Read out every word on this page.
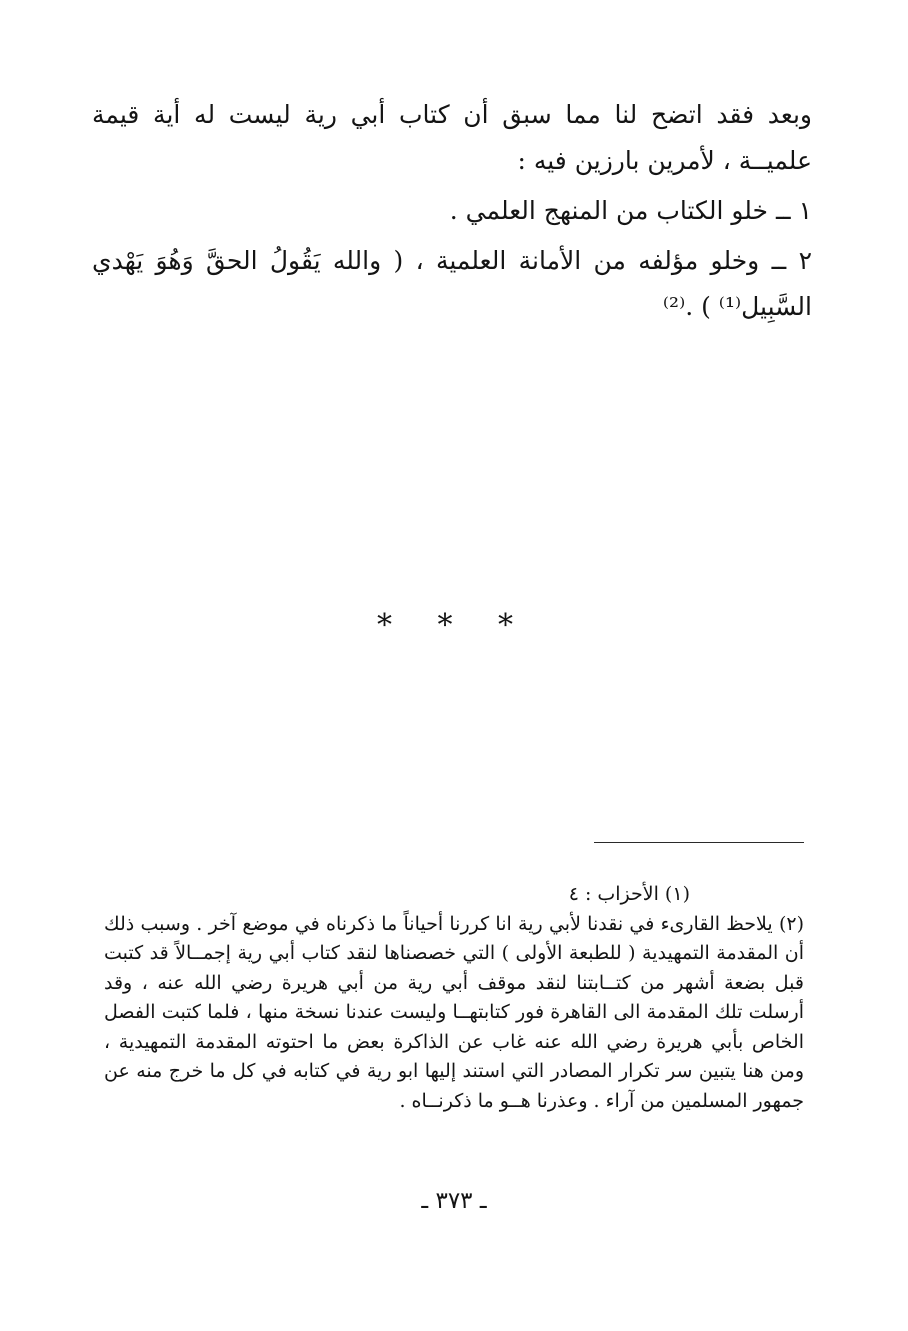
وبعد فقد اتضح لنا مما سبق أن كتاب أبي رية ليست له أية قيمة علميــة ، لأمرين بارزين فيه :

١ ــ خلو الكتاب من المنهج العلمي .

٢ ــ وخلو مؤلفه من الأمانة العلمية ، ( والله يَقُولُ الحقَّ وَهُوَ يَهْدي السَّبِيل⁽¹⁾ ) .⁽²⁾

* * *

(١) الأحزاب : ٤

(٢) يلاحظ القارىء في نقدنا لأبي رية انا كررنا أحياناً ما ذكرناه في موضع آخر . وسبب ذلك أن المقدمة التمهيدية ( للطبعة الأولى ) التي خصصناها لنقد كتاب أبي رية إجمــالاً قد كتبت قبل بضعة أشهر من كتــابتنا لنقد موقف أبي رية من أبي هريرة رضي الله عنه ، وقد أرسلت تلك المقدمة الى القاهرة فور كتابتهــا وليست عندنا نسخة منها ، فلما كتبت الفصل الخاص بأبي هريرة رضي الله عنه غاب عن الذاكرة بعض ما احتوته المقدمة التمهيدية ، ومن هنا يتبين سر تكرار المصادر التي استند إليها ابو رية في كتابه في كل ما خرج منه عن جمهور المسلمين من آراء . وعذرنا هــو ما ذكرنــاه .

ـ ٣٧٣ ـ
